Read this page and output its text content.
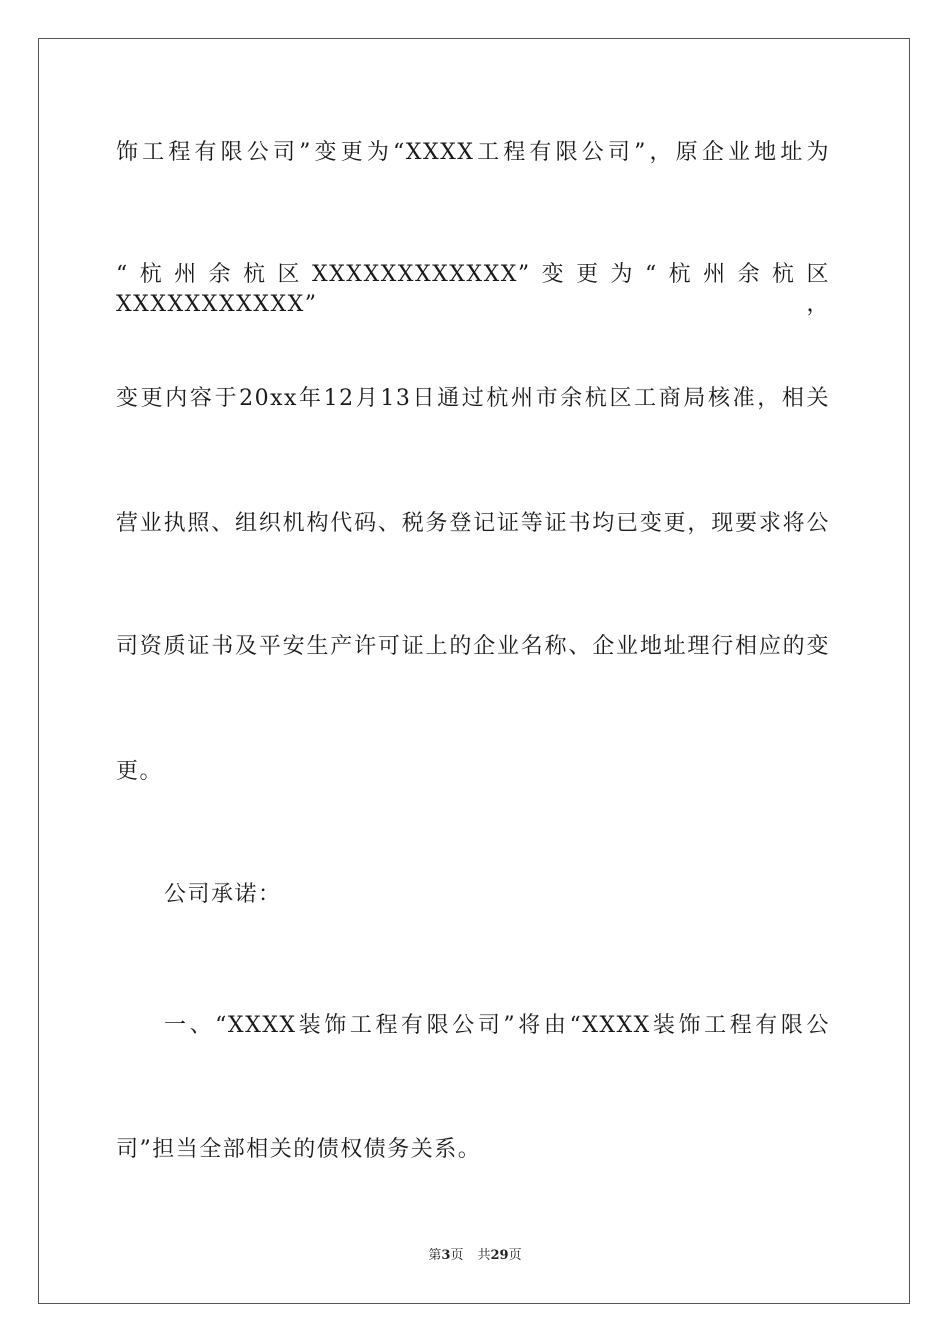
饰工程有限公司”变更为“XXXX工程有限公司”，原企业地址为
“杭州余杭区XXXXXXXXXXXX”变更为“杭州余杭区XXXXXXXXXXX”，
变更内容于20xx年12月13日通过杭州市余杭区工商局核准，相关
营业执照、组织机构代码、税务登记证等证书均已变更，现要求将公
司资质证书及平安生产许可证上的企业名称、企业地址理行相应的变
更。
公司承诺：
一、“XXXX装饰工程有限公司”将由“XXXX装饰工程有限公
司”担当全部相关的债权债务关系。
第3页 共29页
